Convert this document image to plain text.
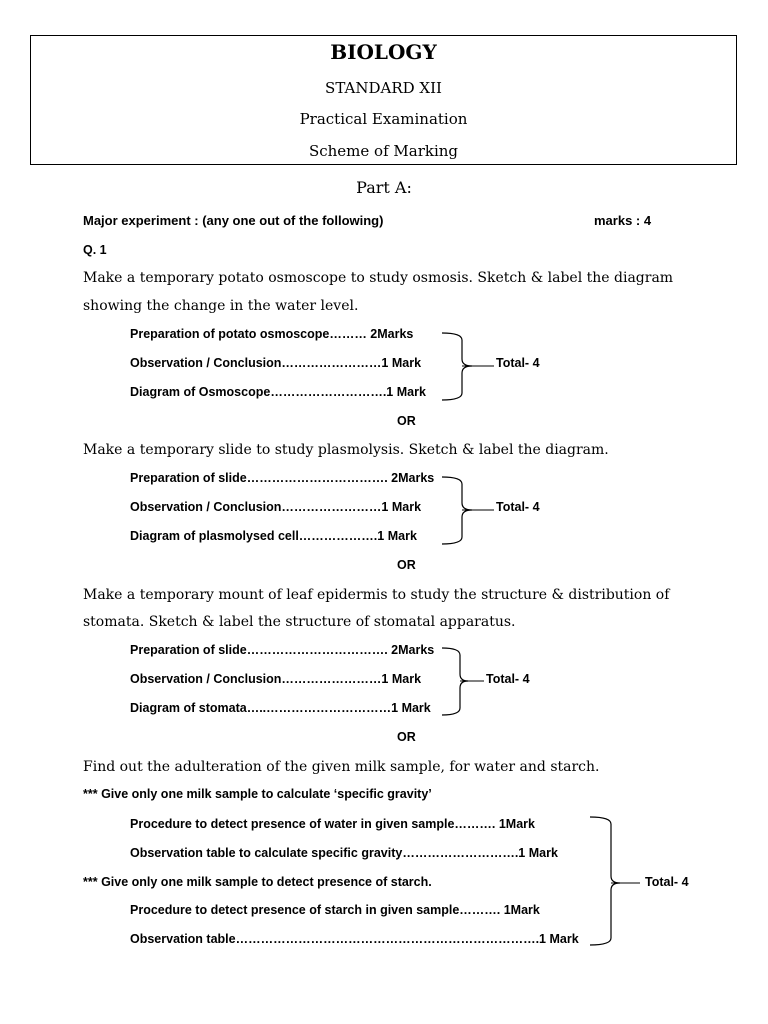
BIOLOGY
STANDARD XII
Practical Examination
Scheme of Marking
Part A:
Major experiment : (any one out of the following)	marks : 4
Q. 1
Make a temporary potato osmoscope to study osmosis. Sketch & label the diagram
showing the change in the water level.
Preparation of potato osmoscope……… 2Marks
Observation / Conclusion……………………1 Mark
Diagram of Osmoscope……………………….1 Mark
Total- 4
OR
Make a temporary slide to study plasmolysis. Sketch & label the diagram.
Preparation of slide……………………………. 2Marks
Observation / Conclusion……………………1 Mark
Diagram of plasmolysed cell……………….1 Mark
Total- 4
OR
Make a temporary mount of leaf epidermis to study the structure & distribution of
stomata. Sketch & label the structure of stomatal apparatus.
Preparation of slide……………………………. 2Marks
Observation / Conclusion……………………1 Mark
Diagram of stomata…..…………………………1 Mark
Total- 4
OR
Find out the adulteration of the given milk sample, for water and starch.
*** Give only one milk sample to calculate ‘specific gravity’
Procedure to detect presence of water in given sample………. 1Mark
Observation table to calculate specific gravity……………………….1 Mark
*** Give only one milk sample to detect presence of starch.
Procedure to detect presence of starch in given sample………. 1Mark
Observation table……………………………………………………………….1 Mark
Total- 4
